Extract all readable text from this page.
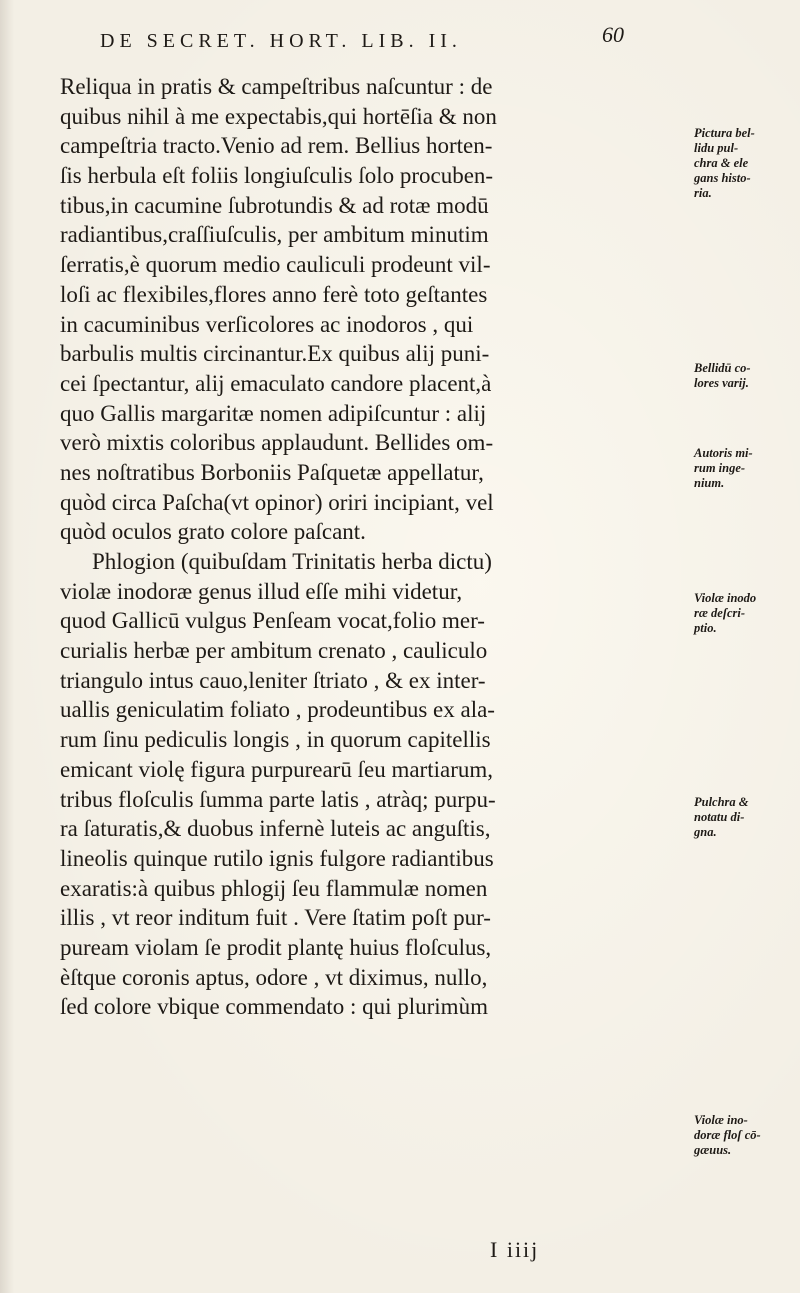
DE SECRET. HORT. LIB. II.	60
Reliqua in pratis & campeſtribus naſcuntur : de
quibus nihil à me expectabis,qui hortēſia & non
campeſtria tracto.Venio ad rem. Bellius horten-
ſis herbula eſt foliis longiuſculis ſolo procuben-
tibus,in cacumine ſubrotundis & ad rotæ modū
radiantibus,craſſiuſculis, per ambitum minutim
ſerratis,è quorum medio cauliculi prodeunt vil-
loſi ac flexibiles,flores anno ferè toto geſtantes
in cacuminibus verſicolores ac inodoros , qui
barbulis multis circinantur.Ex quibus alij puni-
cei ſpectantur, alij emaculato candore placent,à
quo Gallis margaritæ nomen adipiſcuntur : alij
verò mixtis coloribus applaudunt. Bellides om-
nes noſtratibus Borboniis Paſquetæ appellatur,
quòd circa Paſcha(vt opinor) oriri incipiant, vel
quòd oculos grato colore paſcant.
Phlogion (quibuſdam Trinitatis herba dictu)
violæ inodoræ genus illud eſſe mihi videtur,
quod Gallicū vulgus Penſeam vocat,folio mer-
curialis herbæ per ambitum crenato , cauliculo
triangulo intus cauo,leniter ſtriato , & ex inter-
uallis geniculatim foliato , prodeuntibus ex ala-
rum ſinu pediculis longis , in quorum capitellis
emicant violę figura purpurearū ſeu martiarum,
tribus floſculis ſumma parte latis , atràq; purpu-
ra ſaturatis,& duobus infernè luteis ac anguſtis,
lineolis quinque rutilo ignis fulgore radiantibus
exaratis:à quibus phlogij ſeu flammulæ nomen
illis , vt reor inditum fuit . Vere ſtatim poſt pur-
puream violam ſe prodit plantę huius floſculus,
èſtque coronis aptus, odore , vt diximus, nullo,
ſed colore vbique commendato : qui plurimùm
I iiij
Pictura bel-
lidu pul-
chra & ele
gans histo-
ria.
Bellidū co-
lores varij.
Autoris mi-
rum inge-
nium.
Violæ inodo
ræ deſcri-
ptio.
Pulchra &
notatu di-
gna.
Violæ ino-
doræ floſ cō-
gæuus.
